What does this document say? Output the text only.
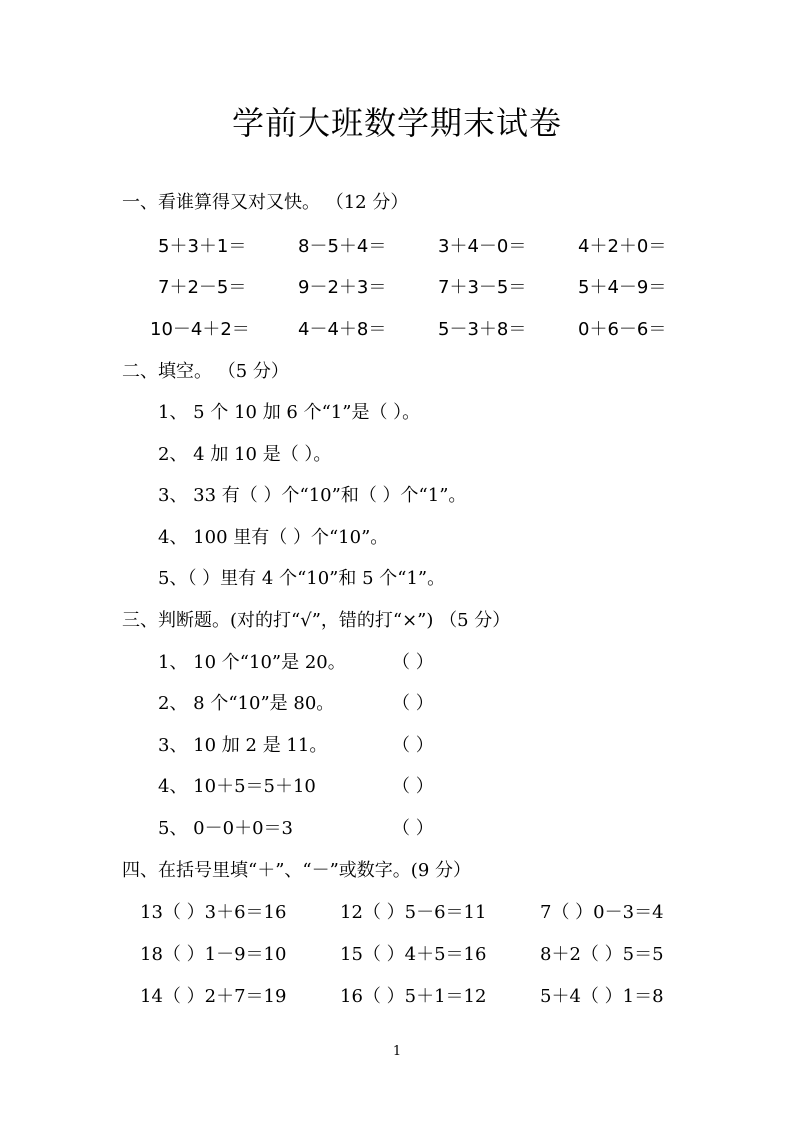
学前大班数学期末试卷
一、看谁算得又对又快。 （12 分）
5＋3＋1＝	8－5＋4＝	3＋4－0＝	4＋2＋0＝
7＋2－5＝	9－2＋3＝	7＋3－5＝	5＋4－9＝
10－4＋2＝	4－4＋8＝	5－3＋8＝	0＋6－6＝
二、填空。 （5 分）
1、 5 个 10 加 6 个“1”是（ ）。
2、 4 加 10 是（ ）。
3、 33 有（ ）个“10”和（ ）个“1”。
4、 100 里有（ ）个“10”。
5、（ ）里有 4 个“10”和 5 个“1”。
三、判断题。(对的打“√”，错的打“×”) （5 分）
1、 10 个“10”是 20。	（ ）
2、 8 个“10”是 80。	（ ）
3、 10 加 2 是 11。	（ ）
4、 10＋5＝5＋10	（ ）
5、 0－0＋0＝3	（ ）
四、在括号里填“＋”、“－”或数字。(9 分）
13（ ）3＋6＝16	12（ ）5－6＝11	7（ ）0－3＝4
18（ ）1－9＝10	15（ ）4＋5＝16	8＋2（ ）5＝5
14（ ）2＋7＝19	16（ ）5＋1＝12	5＋4（ ）1＝8
1
